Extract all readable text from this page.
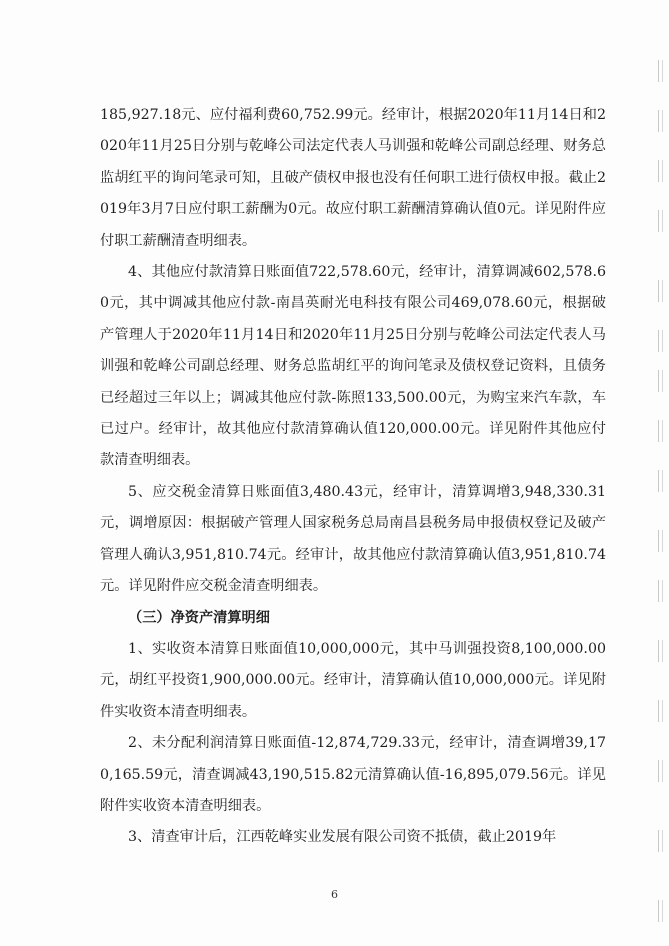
185,927.18元、应付福利费60,752.99元。经审计，根据2020年11月14日和2020年11月25日分别与乾峰公司法定代表人马训强和乾峰公司副总经理、财务总监胡红平的询问笔录可知，且破产债权申报也没有任何职工进行债权申报。截止2019年3月7日应付职工薪酬为0元。故应付职工薪酬清算确认值0元。详见附件应付职工薪酬清查明细表。

4、其他应付款清算日账面值722,578.60元，经审计，清算调减602,578.60元，其中调减其他应付款-南昌英耐光电科技有限公司469,078.60元，根据破产管理人于2020年11月14日和2020年11月25日分别与乾峰公司法定代表人马训强和乾峰公司副总经理、财务总监胡红平的询问笔录及债权登记资料，且债务已经超过三年以上；调减其他应付款-陈照133,500.00元，为购宝来汽车款，车已过户。经审计，故其他应付款清算确认值120,000.00元。详见附件其他应付款清查明细表。

5、应交税金清算日账面值3,480.43元，经审计，清算调增3,948,330.31元，调增原因：根据破产管理人国家税务总局南昌县税务局申报债权登记及破产管理人确认3,951,810.74元。经审计，故其他应付款清算确认值3,951,810.74元。详见附件应交税金清查明细表。

（三）净资产清算明细

1、实收资本清算日账面值10,000,000元，其中马训强投资8,100,000.00元，胡红平投资1,900,000.00元。经审计，清算确认值10,000,000元。详见附件实收资本清查明细表。

2、未分配利润清算日账面值-12,874,729.33元，经审计，清查调增39,170,165.59元，清查调减43,190,515.82元清算确认值-16,895,079.56元。详见附件实收资本清查明细表。

3、清查审计后，江西乾峰实业发展有限公司资不抵债，截止2019年

6
